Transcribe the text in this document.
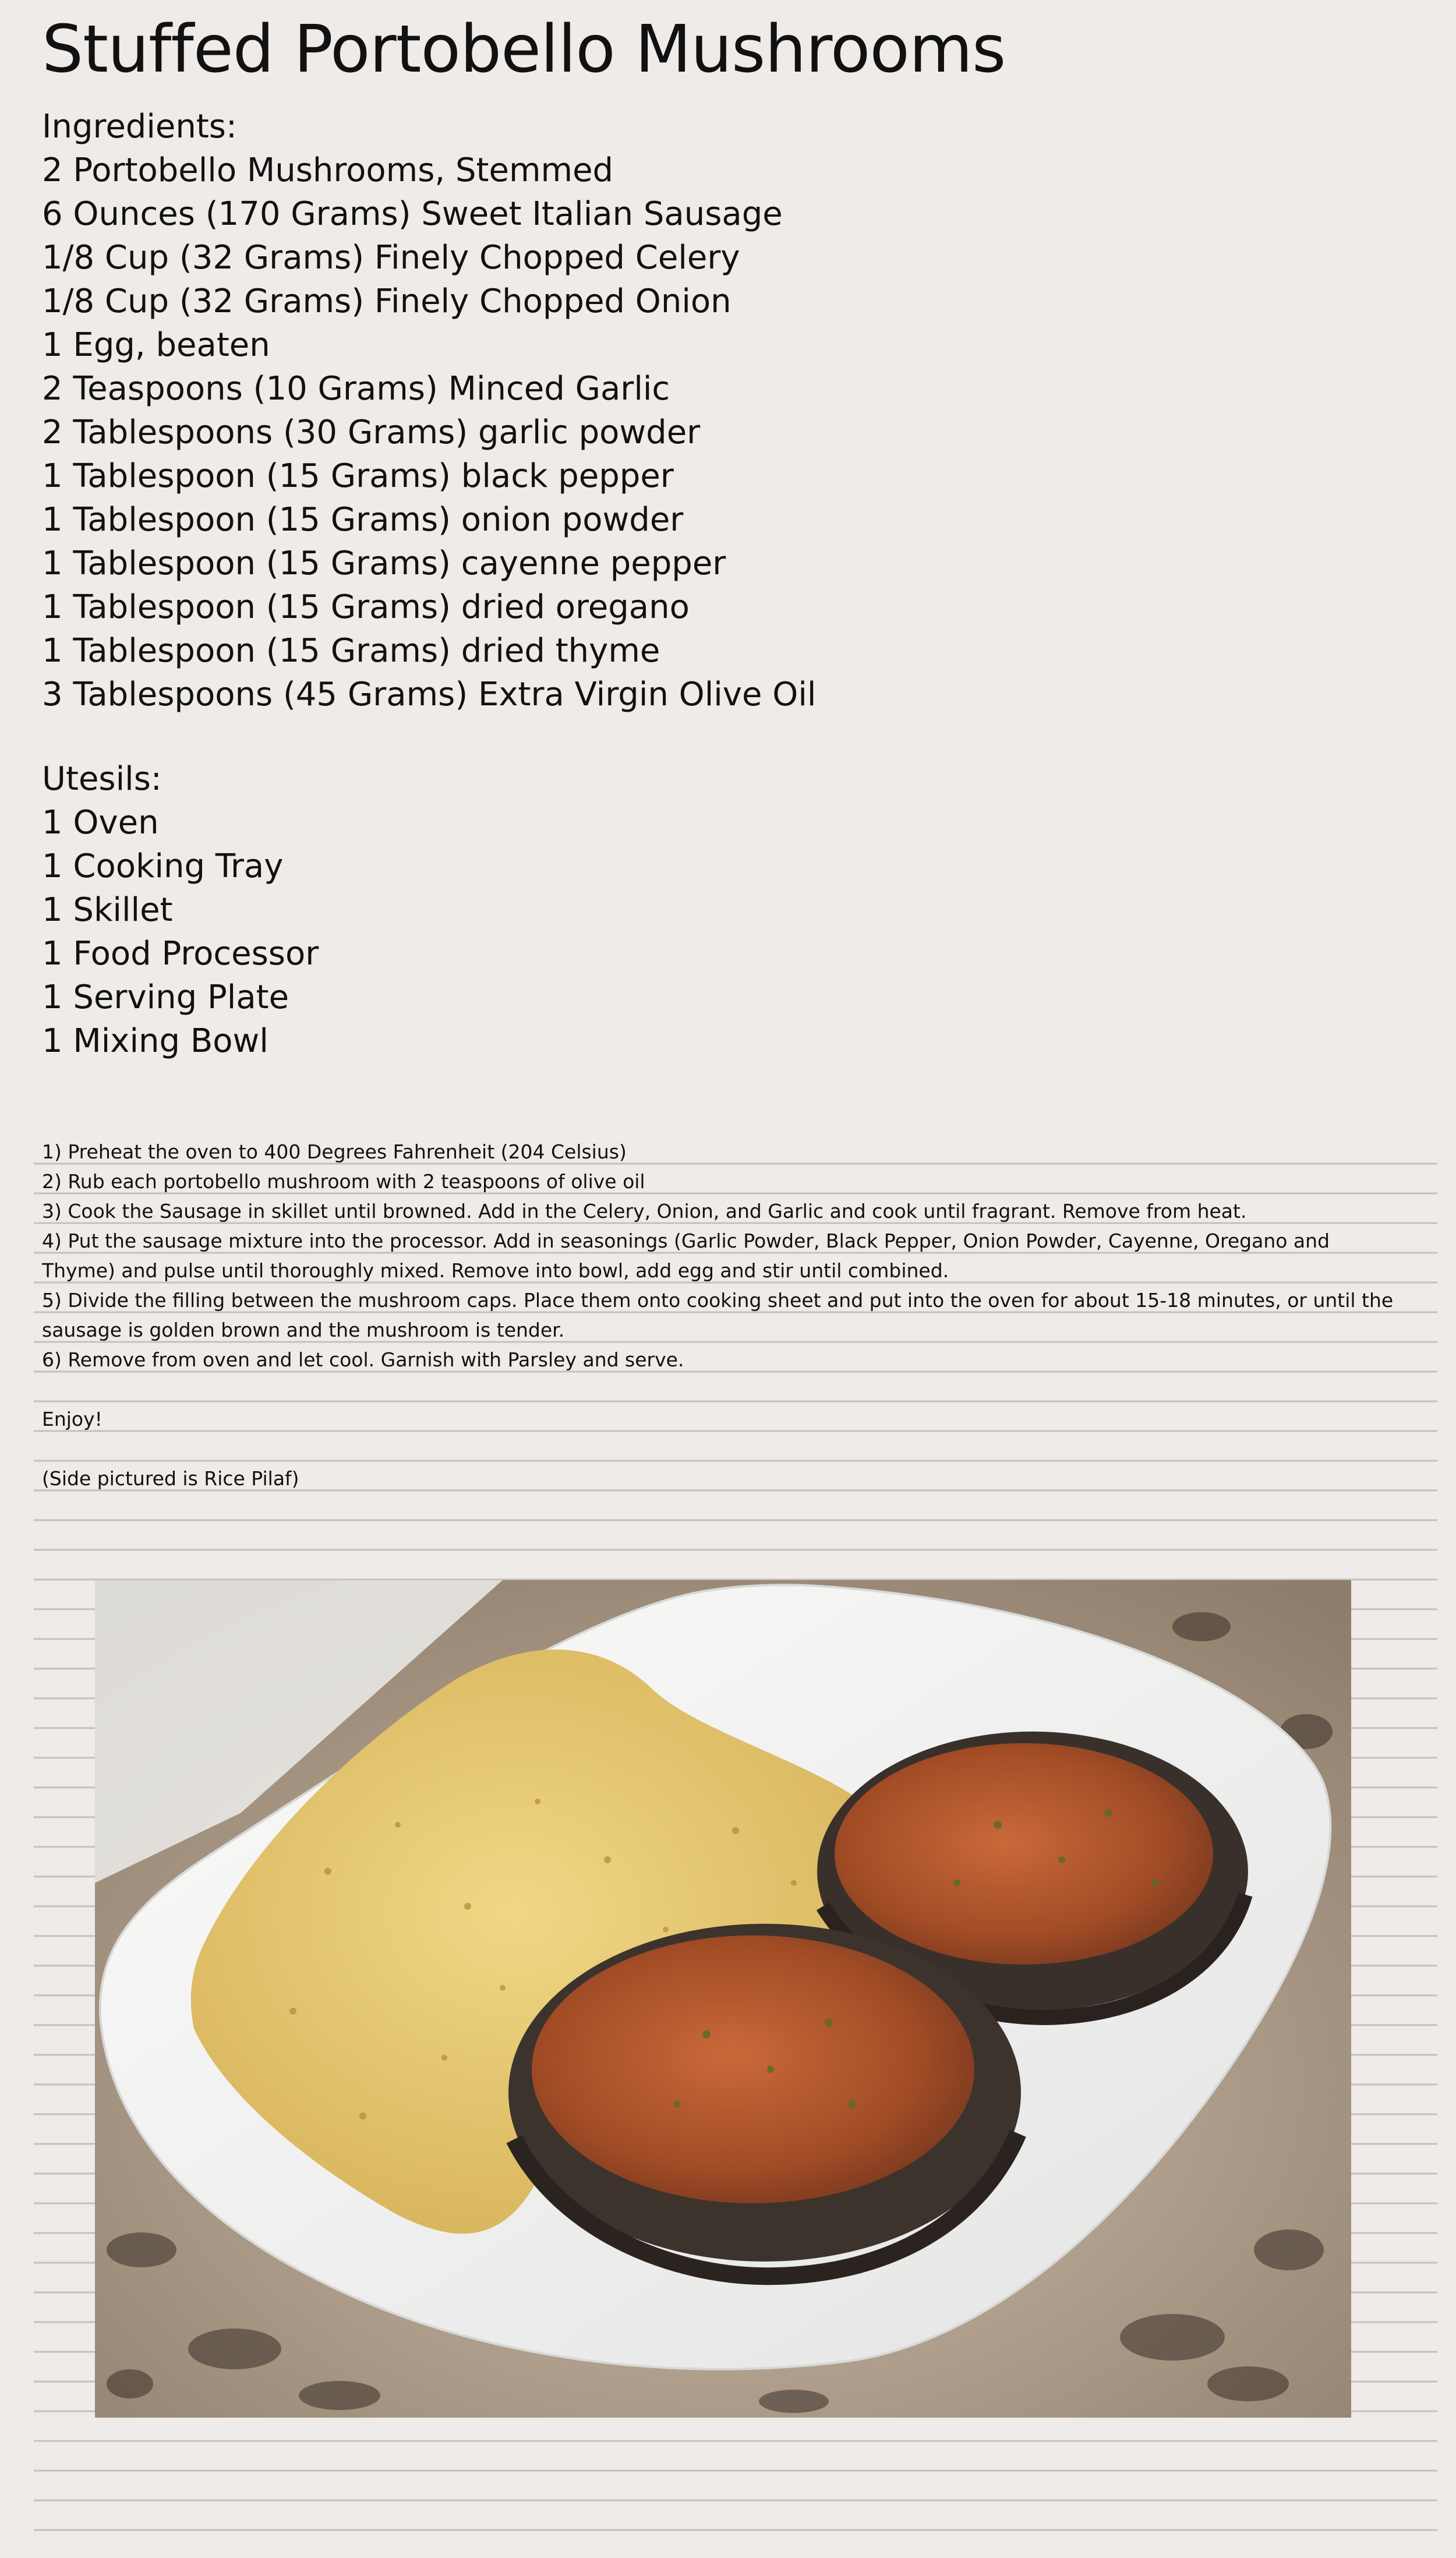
Stuffed Portobello Mushrooms
Ingredients:
2 Portobello Mushrooms, Stemmed
6 Ounces (170 Grams) Sweet Italian Sausage
1/8 Cup (32 Grams) Finely Chopped Celery
1/8 Cup (32 Grams) Finely Chopped Onion
1 Egg, beaten
2 Teaspoons (10 Grams) Minced Garlic
2 Tablespoons (30 Grams) garlic powder
1 Tablespoon (15 Grams) black pepper
1 Tablespoon (15 Grams) onion powder
1 Tablespoon (15 Grams) cayenne pepper
1 Tablespoon (15 Grams) dried oregano
1 Tablespoon (15 Grams) dried thyme
3 Tablespoons (45 Grams) Extra Virgin Olive Oil
Utesils:
1 Oven
1 Cooking Tray
1 Skillet
1 Food Processor
1 Serving Plate
1 Mixing Bowl
1) Preheat the oven to 400 Degrees Fahrenheit (204 Celsius)
2) Rub each portobello mushroom with 2 teaspoons of olive oil
3) Cook the Sausage in skillet until browned. Add in the Celery, Onion, and Garlic and cook until fragrant. Remove from heat.
4) Put the sausage mixture into the processor. Add in seasonings (Garlic Powder, Black Pepper, Onion Powder, Cayenne, Oregano and Thyme) and pulse until thoroughly mixed. Remove into bowl, add egg and stir until combined.
5) Divide the filling between the mushroom caps. Place them onto cooking sheet and put into the oven for about 15-18 minutes, or until the sausage is golden brown and the mushroom is tender.
6) Remove from oven and let cool. Garnish with Parsley and serve.
Enjoy!
(Side pictured is Rice Pilaf)
